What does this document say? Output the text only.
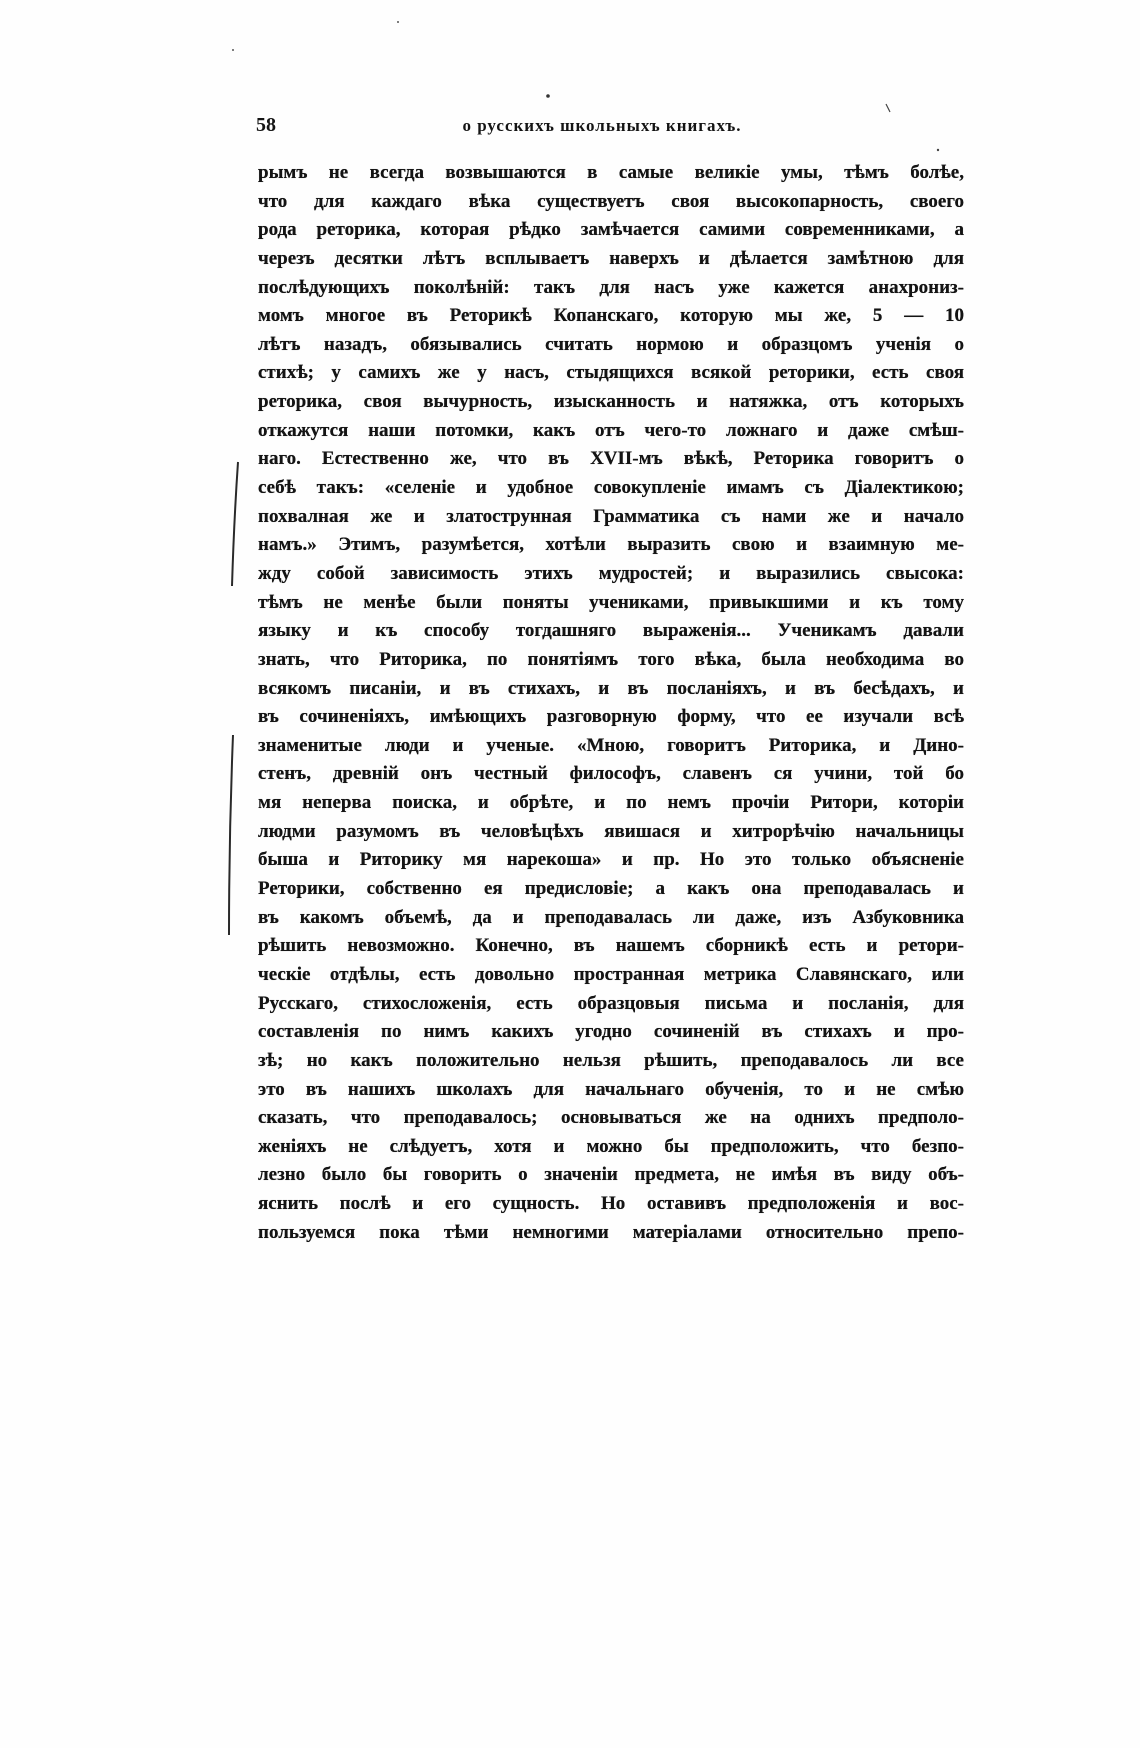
58	о русскихъ школьныхъ книгахъ.
рымъ не всегда возвышаются в самые великіе умы, тѣмъ болѣе,
что для каждаго вѣка существуетъ своя высокопарность, своего
рода реторика, которая рѣдко замѣчается самими современниками, а
черезъ десятки лѣтъ всплываетъ наверхъ и дѣлается замѣтною для
послѣдующихъ поколѣній: такъ для насъ уже кажется анахрониз-
момъ многое въ Реторикѣ Копанскаго, которую мы же, 5 — 10
лѣтъ назадъ, обязывались считать нормою и образцомъ ученія о
стихѣ; у самихъ же у насъ, стыдящихся всякой реторики, есть своя
реторика, своя вычурность, изысканность и натяжка, отъ которыхъ
откажутся наши потомки, какъ отъ чего-то ложнаго и даже смѣш-
наго. Естественно же, что въ XVII-мъ вѣкѣ, Реторика говоритъ о
себѣ такъ: «селеніе и удобное совокупленіе имамъ съ Діалектикою;
похвалная же и златострунная Грамматика съ нами же и начало
намъ.» Этимъ, разумѣется, хотѣли выразить свою и взаимную ме-
жду собой зависимость этихъ мудростей; и выразились свысока:
тѣмъ не менѣе были поняты учениками, привыкшими и къ тому
языку и къ способу тогдашняго выраженія... Ученикамъ давали
знать, что Риторика, по понятіямъ того вѣка, была необходима во
всякомъ писаніи, и въ стихахъ, и въ посланіяхъ, и въ бесѣдахъ, и
въ сочиненіяхъ, имѣющихъ разговорную форму, что ее изучали всѣ
знаменитые люди и ученые. «Мною, говоритъ Риторика, и Дино-
стенъ, древній онъ честный философъ, славенъ ся учини, той бо
мя неперва поиска, и обрѣте, и по немъ прочіи Ритори, которіи
людми разумомъ въ человѣцѣхъ явишася и хитрорѣчію начальницы
быша и Риторику мя нарекоша» и пр. Но это только объясненіе
Реторики, собственно ея предисловіе; а какъ она преподавалась и
въ какомъ объемѣ, да и преподавалась ли даже, изъ Азбуковника
рѣшить невозможно. Конечно, въ нашемъ сборникѣ есть и ретори-
ческіе отдѣлы, есть довольно пространная метрика Славянскаго, или
Русскаго, стихосложенія, есть образцовыя письма и посланія, для
составленія по нимъ какихъ угодно сочиненій въ стихахъ и про-
зѣ; но какъ положительно нельзя рѣшить, преподавалось ли все
это въ нашихъ школахъ для начальнаго обученія, то и не смѣю
сказать, что преподавалось; основываться же на однихъ предполо-
женіяхъ не слѣдуетъ, хотя и можно бы предположить, что безпо-
лезно было бы говорить о значеніи предмета, не имѣя въ виду объ-
яснить послѣ и его сущность. Но оставивъ предположенія и вос-
пользуемся пока тѣми немногими матеріалами относительно препо-
